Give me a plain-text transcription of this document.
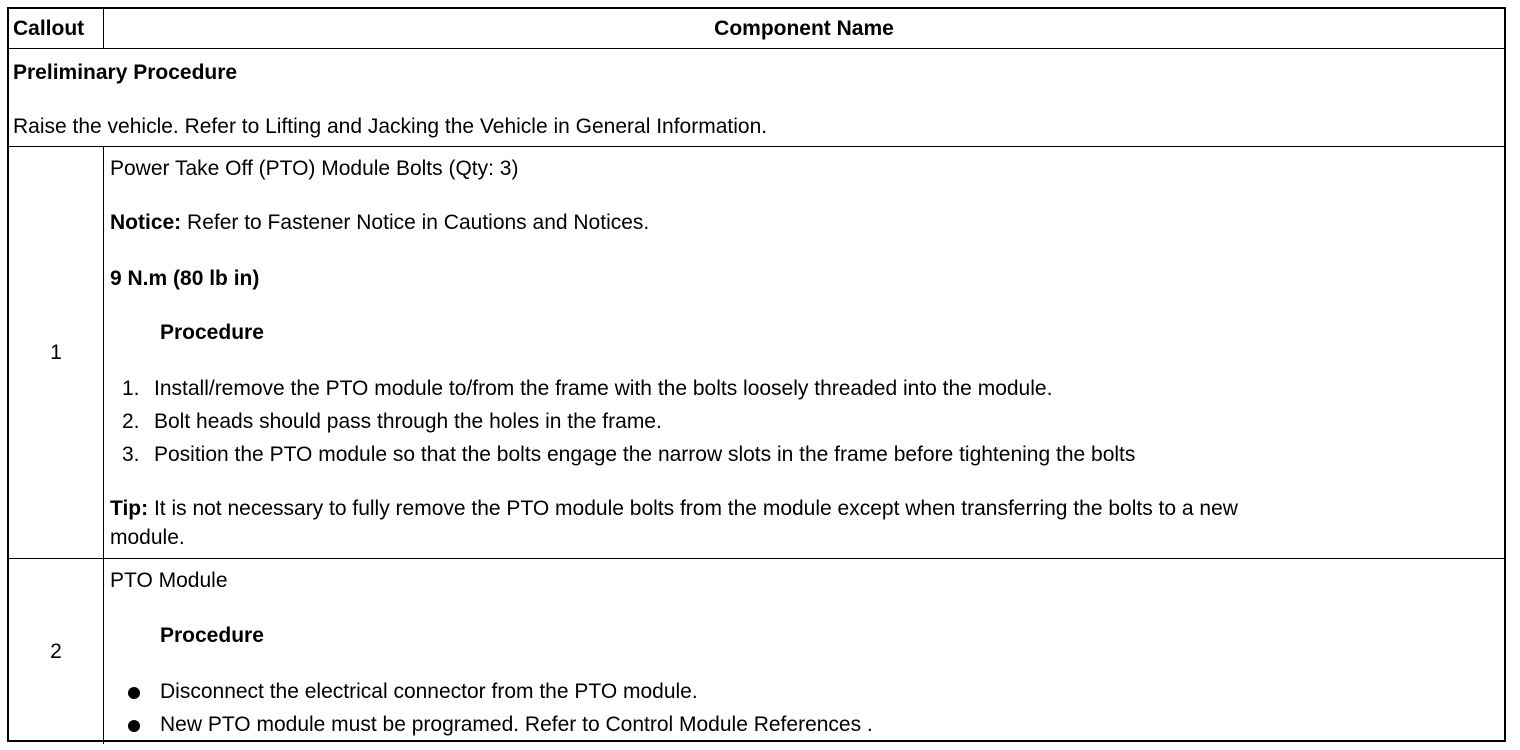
Callout	Component Name
Preliminary Procedure
Raise the vehicle. Refer to Lifting and Jacking the Vehicle in General Information.
1
Power Take Off (PTO) Module Bolts (Qty: 3)
Notice: Refer to Fastener Notice in Cautions and Notices.
9 N.m (80 lb in)
Procedure
1. Install/remove the PTO module to/from the frame with the bolts loosely threaded into the module.
2. Bolt heads should pass through the holes in the frame.
3. Position the PTO module so that the bolts engage the narrow slots in the frame before tightening the bolts
Tip: It is not necessary to fully remove the PTO module bolts from the module except when transferring the bolts to a new
module.
2
PTO Module
Procedure
Disconnect the electrical connector from the PTO module.
New PTO module must be programed. Refer to Control Module References .
